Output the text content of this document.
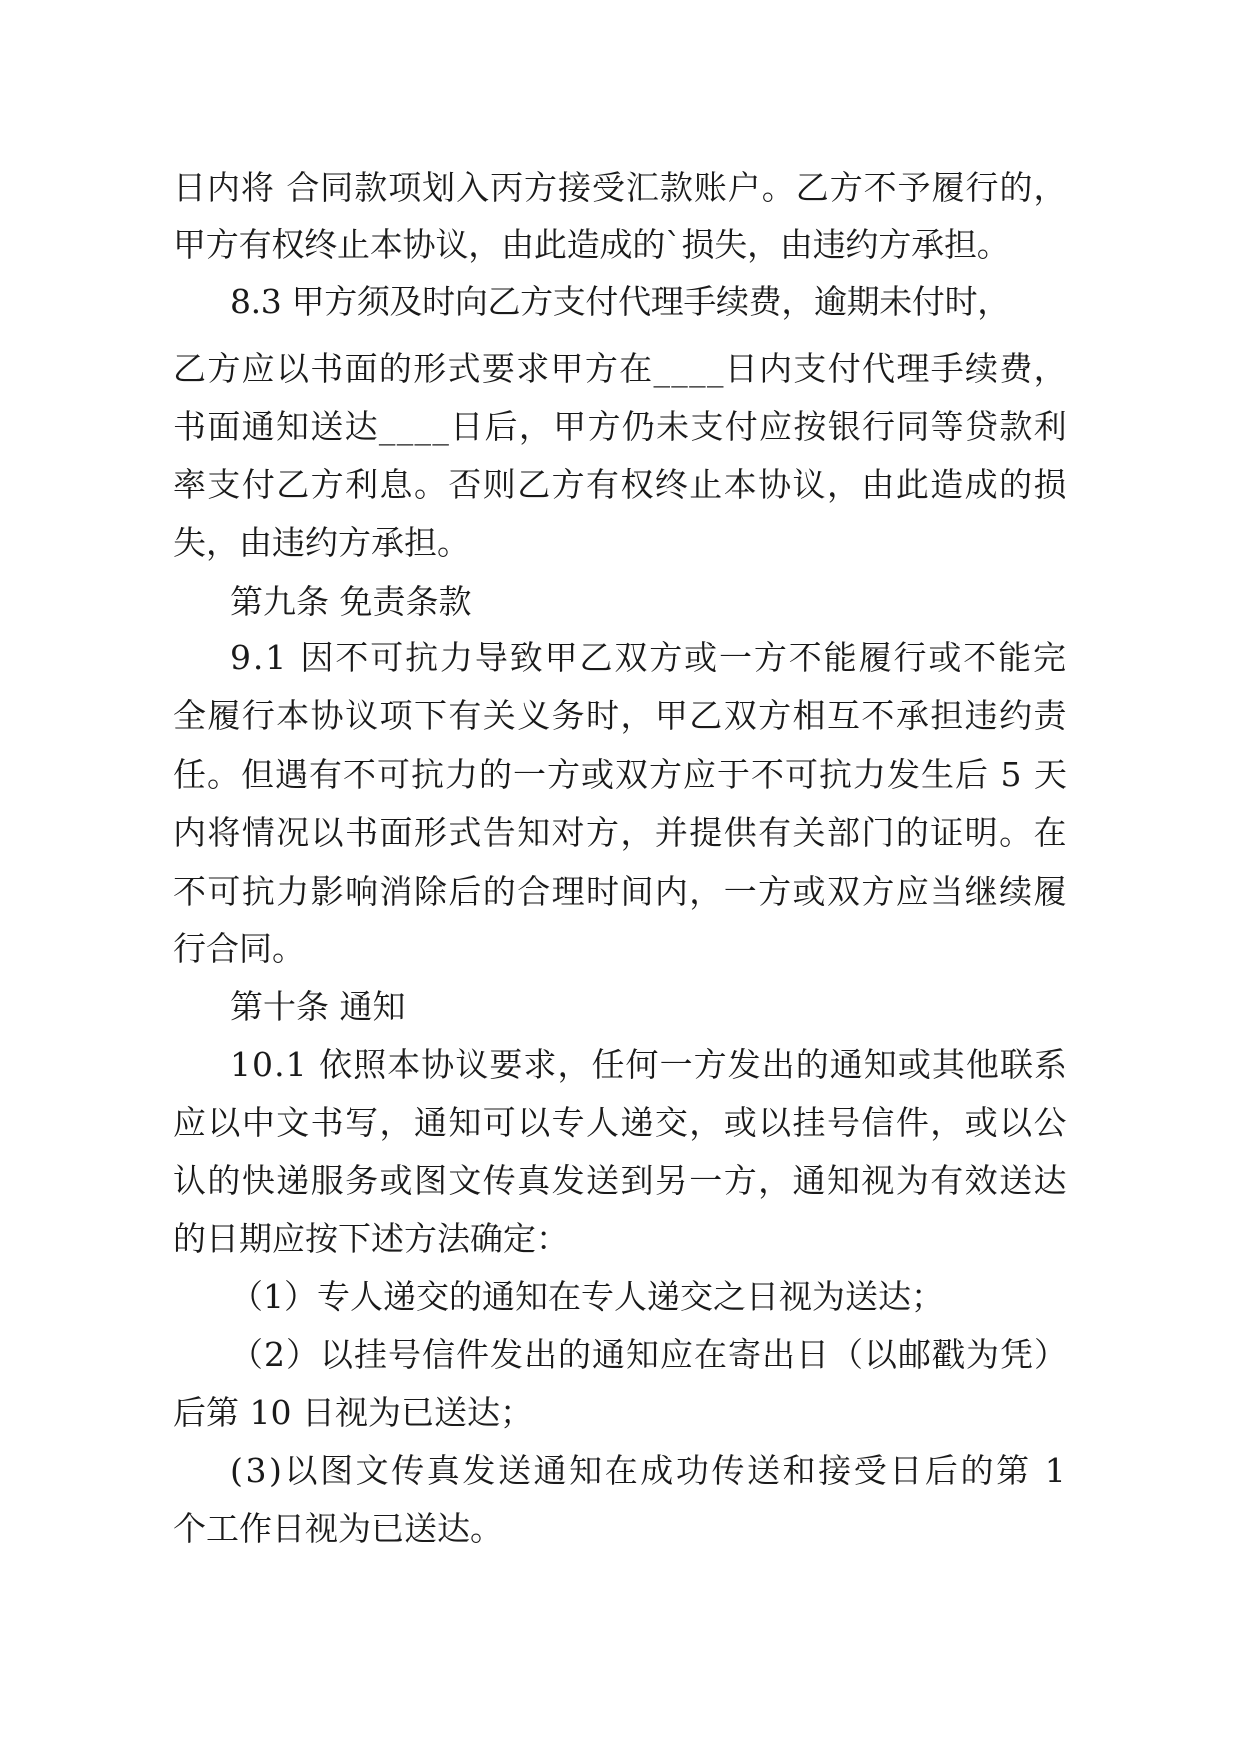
日内将 合同款项划入丙方接受汇款账户。乙方不予履行的，
甲方有权终止本协议，由此造成的`损失，由违约方承担。
8.3 甲方须及时向乙方支付代理手续费，逾期未付时，
乙方应以书面的形式要求甲方在____日内支付代理手续费，
书面通知送达____日后，甲方仍未支付应按银行同等贷款利
率支付乙方利息。否则乙方有权终止本协议，由此造成的损
失，由违约方承担。
第九条 免责条款
9.1 因不可抗力导致甲乙双方或一方不能履行或不能完
全履行本协议项下有关义务时，甲乙双方相互不承担违约责
任。但遇有不可抗力的一方或双方应于不可抗力发生后 5 天
内将情况以书面形式告知对方，并提供有关部门的证明。在
不可抗力影响消除后的合理时间内，一方或双方应当继续履
行合同。
第十条 通知
10.1 依照本协议要求，任何一方发出的通知或其他联系
应以中文书写，通知可以专人递交，或以挂号信件，或以公
认的快递服务或图文传真发送到另一方，通知视为有效送达
的日期应按下述方法确定：
（1）专人递交的通知在专人递交之日视为送达；
（2）以挂号信件发出的通知应在寄出日（以邮戳为凭）
后第 10 日视为已送达；
(3)以图文传真发送通知在成功传送和接受日后的第 1
个工作日视为已送达。
